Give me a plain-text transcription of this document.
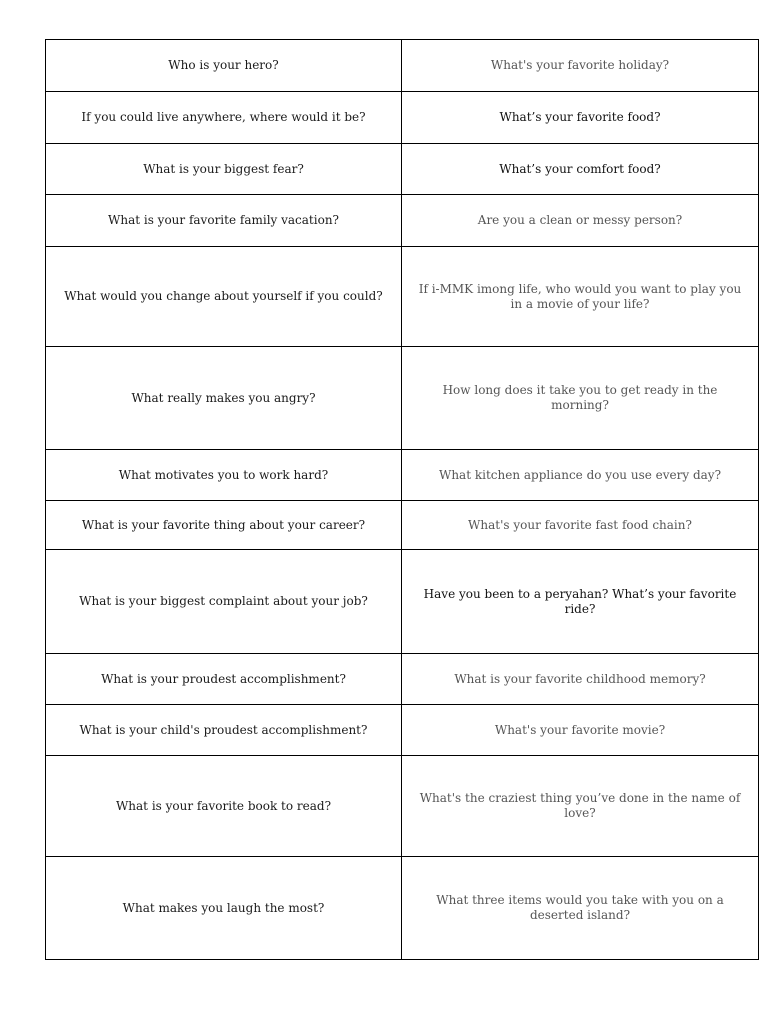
Who is your hero?	What's your favorite holiday?
If you could live anywhere, where would it be?	What’s your favorite food?
What is your biggest fear?	What’s your comfort food?
What is your favorite family vacation?	Are you a clean or messy person?
What would you change about yourself if you could?	If i-MMK imong life, who would you want to play you in a movie of your life?
What really makes you angry?	How long does it take you to get ready in the morning?
What motivates you to work hard?	What kitchen appliance do you use every day?
What is your favorite thing about your career?	What's your favorite fast food chain?
What is your biggest complaint about your job?	Have you been to a peryahan? What’s your favorite ride?
What is your proudest accomplishment?	What is your favorite childhood memory?
What is your child's proudest accomplishment?	What's your favorite movie?
What is your favorite book to read?	What's the craziest thing you’ve done in the name of love?
What makes you laugh the most?	What three items would you take with you on a deserted island?
